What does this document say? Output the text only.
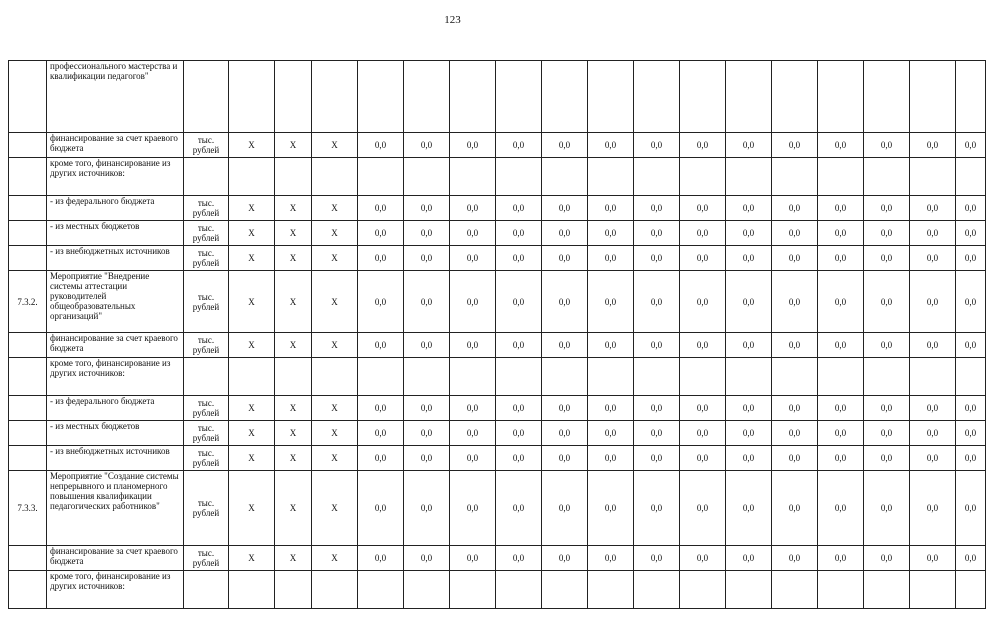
123
	профессионального мастерства и квалификации педагогов"																		
	финансирование за счет краевого бюджета	тыс. рублей	X	X	X	0,0	0,0	0,0	0,0	0,0	0,0	0,0	0,0	0,0	0,0	0,0	0,0	0,0	0,0
	кроме того, финансирование из других источников:																		
	- из федерального бюджета	тыс. рублей	X	X	X	0,0	0,0	0,0	0,0	0,0	0,0	0,0	0,0	0,0	0,0	0,0	0,0	0,0	0,0
	- из местных бюджетов	тыс. рублей	X	X	X	0,0	0,0	0,0	0,0	0,0	0,0	0,0	0,0	0,0	0,0	0,0	0,0	0,0	0,0
	- из внебюджетных источников	тыс. рублей	X	X	X	0,0	0,0	0,0	0,0	0,0	0,0	0,0	0,0	0,0	0,0	0,0	0,0	0,0	0,0
7.3.2.	Мероприятие "Внедрение системы аттестации руководителей общеобразовательных организаций"	тыс. рублей	X	X	X	0,0	0,0	0,0	0,0	0,0	0,0	0,0	0,0	0,0	0,0	0,0	0,0	0,0	0,0
	финансирование за счет краевого бюджета	тыс. рублей	X	X	X	0,0	0,0	0,0	0,0	0,0	0,0	0,0	0,0	0,0	0,0	0,0	0,0	0,0	0,0
	кроме того, финансирование из других источников:																		
	- из федерального бюджета	тыс. рублей	X	X	X	0,0	0,0	0,0	0,0	0,0	0,0	0,0	0,0	0,0	0,0	0,0	0,0	0,0	0,0
	- из местных бюджетов	тыс. рублей	X	X	X	0,0	0,0	0,0	0,0	0,0	0,0	0,0	0,0	0,0	0,0	0,0	0,0	0,0	0,0
	- из внебюджетных источников	тыс. рублей	X	X	X	0,0	0,0	0,0	0,0	0,0	0,0	0,0	0,0	0,0	0,0	0,0	0,0	0,0	0,0
7.3.3.	Мероприятие "Создание системы непрерывного и планомерного повышения квалификации педагогических работников"	тыс. рублей	X	X	X	0,0	0,0	0,0	0,0	0,0	0,0	0,0	0,0	0,0	0,0	0,0	0,0	0,0	0,0
	финансирование за счет краевого бюджета	тыс. рублей	X	X	X	0,0	0,0	0,0	0,0	0,0	0,0	0,0	0,0	0,0	0,0	0,0	0,0	0,0	0,0
	кроме того, финансирование из других источников:																		
